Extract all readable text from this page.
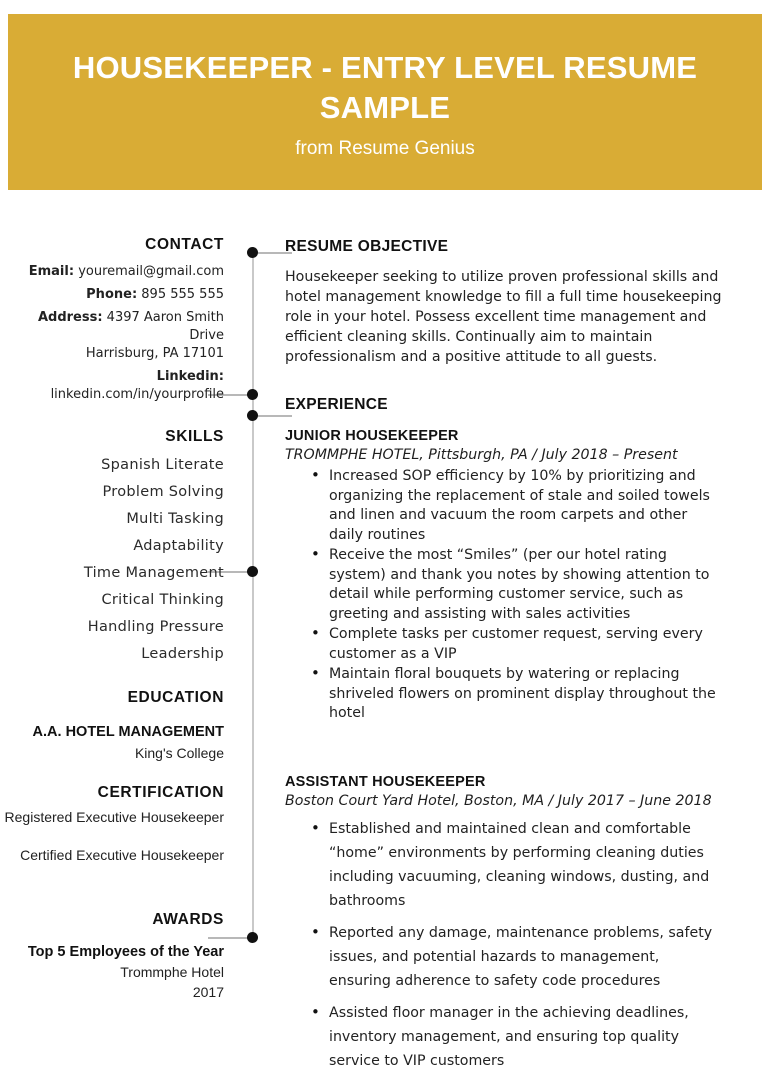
HOUSEKEEPER - ENTRY LEVEL RESUME SAMPLE
from Resume Genius
CONTACT
Email: youremail@gmail.com
Phone: 895 555 555
Address: 4397 Aaron Smith Drive
Harrisburg, PA 17101
Linkedin: linkedin.com/in/yourprofile
SKILLS
Spanish Literate
Problem Solving
Multi Tasking
Adaptability
Time Management
Critical Thinking
Handling Pressure
Leadership
EDUCATION
A.A. HOTEL MANAGEMENT
King's College
CERTIFICATION
Registered Executive Housekeeper
Certified Executive Housekeeper
AWARDS
Top 5 Employees of the Year
Trommphe Hotel
2017
RESUME OBJECTIVE
Housekeeper seeking to utilize proven professional skills and hotel management knowledge to fill a full time housekeeping role in your hotel. Possess excellent time management and efficient cleaning skills. Continually aim to maintain professionalism and a positive attitude to all guests.
EXPERIENCE
JUNIOR HOUSEKEEPER
TROMMPHE HOTEL, Pittsburgh, PA / July 2018 – Present
• Increased SOP efficiency by 10% by prioritizing and organizing the replacement of stale and soiled towels and linen and vacuum the room carpets and other daily routines
• Receive the most “Smiles” (per our hotel rating system) and thank you notes by showing attention to detail while performing customer service, such as greeting and assisting with sales activities
• Complete tasks per customer request, serving every customer as a VIP
• Maintain floral bouquets by watering or replacing shriveled flowers on prominent display throughout the hotel
ASSISTANT HOUSEKEEPER
Boston Court Yard Hotel, Boston, MA / July 2017 – June 2018
• Established and maintained clean and comfortable “home” environments by performing cleaning duties including vacuuming, cleaning windows, dusting, and bathrooms
• Reported any damage, maintenance problems, safety issues, and potential hazards to management, ensuring adherence to safety code procedures
• Assisted floor manager in the achieving deadlines, inventory management, and ensuring top quality service to VIP customers
